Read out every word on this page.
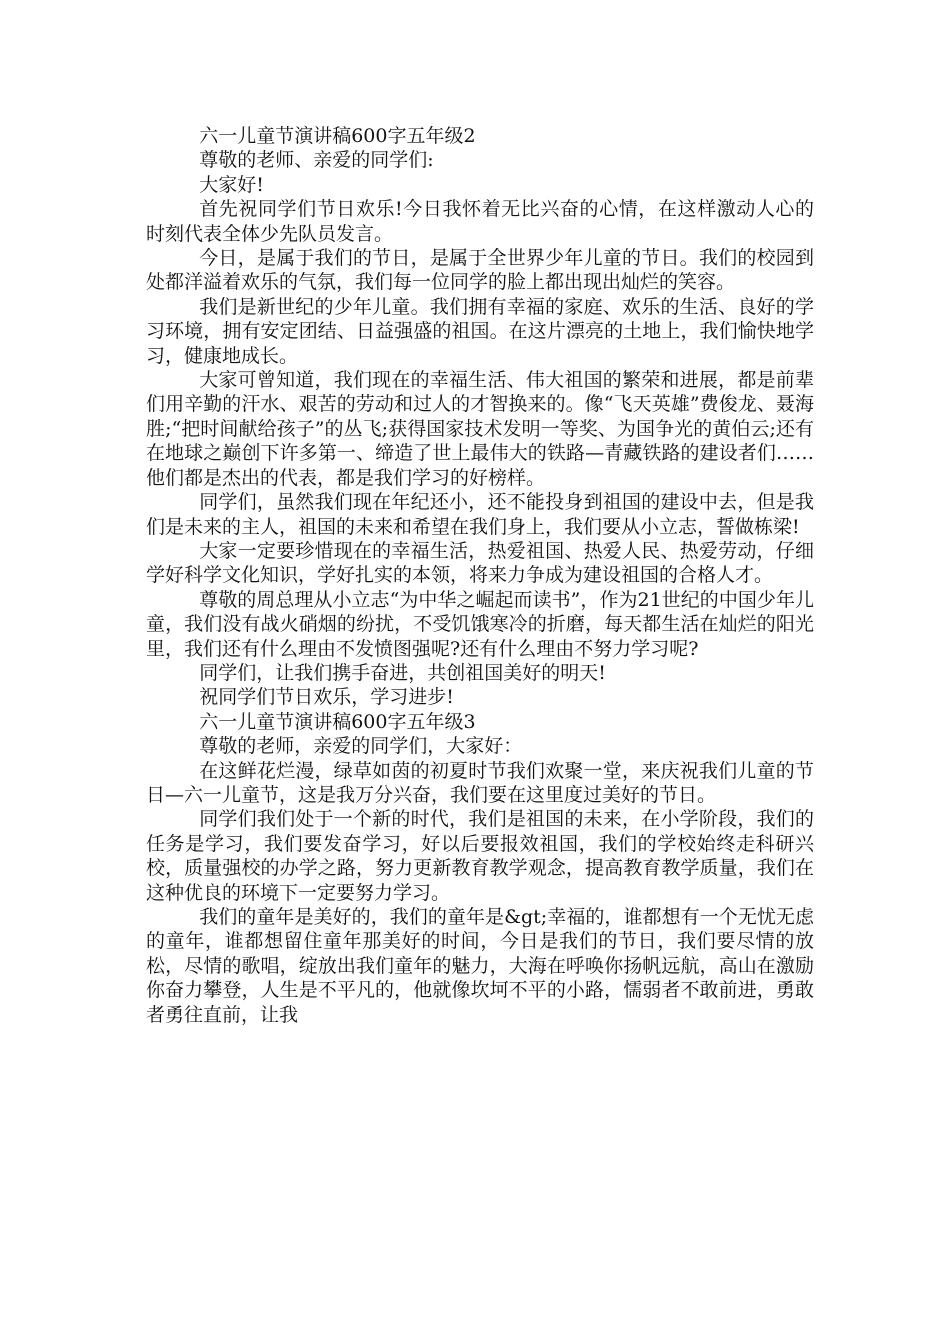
六一儿童节演讲稿600字五年级2

尊敬的老师、亲爱的同学们:

大家好!

首先祝同学们节日欢乐!今日我怀着无比兴奋的心情，在这样激动人心的时刻代表全体少先队员发言。

今日，是属于我们的节日，是属于全世界少年儿童的节日。我们的校园到处都洋溢着欢乐的气氛，我们每一位同学的脸上都出现出灿烂的笑容。

我们是新世纪的少年儿童。我们拥有幸福的家庭、欢乐的生活、良好的学习环境，拥有安定团结、日益强盛的祖国。在这片漂亮的土地上，我们愉快地学习，健康地成长。

大家可曾知道，我们现在的幸福生活、伟大祖国的繁荣和进展，都是前辈们用辛勤的汗水、艰苦的劳动和过人的才智换来的。像“飞天英雄”费俊龙、聂海胜;“把时间献给孩子”的丛飞;获得国家技术发明一等奖、为国争光的黄伯云;还有在地球之巅创下许多第一、缔造了世上最伟大的铁路—青藏铁路的建设者们……他们都是杰出的代表，都是我们学习的好榜样。

同学们，虽然我们现在年纪还小，还不能投身到祖国的建设中去，但是我们是未来的主人，祖国的未来和希望在我们身上，我们要从小立志，誓做栋梁!

大家一定要珍惜现在的幸福生活，热爱祖国、热爱人民、热爱劳动，仔细学好科学文化知识，学好扎实的本领，将来力争成为建设祖国的合格人才。

尊敬的周总理从小立志“为中华之崛起而读书”，作为21世纪的中国少年儿童，我们没有战火硝烟的纷扰，不受饥饿寒冷的折磨，每天都生活在灿烂的阳光里，我们还有什么理由不发愤图强呢?还有什么理由不努力学习呢?

同学们，让我们携手奋进，共创祖国美好的明天!

祝同学们节日欢乐，学习进步!

六一儿童节演讲稿600字五年级3

尊敬的老师，亲爱的同学们，大家好：

在这鲜花烂漫，绿草如茵的初夏时节我们欢聚一堂，来庆祝我们儿童的节日—六一儿童节，这是我万分兴奋，我们要在这里度过美好的节日。

同学们我们处于一个新的时代，我们是祖国的未来，在小学阶段，我们的任务是学习，我们要发奋学习，好以后要报效祖国，我们的学校始终走科研兴校，质量强校的办学之路，努力更新教育教学观念，提高教育教学质量，我们在这种优良的环境下一定要努力学习。

我们的童年是美好的，我们的童年是&gt;幸福的，谁都想有一个无忧无虑的童年，谁都想留住童年那美好的时间，今日是我们的节日，我们要尽情的放松，尽情的歌唱，绽放出我们童年的魅力，大海在呼唤你扬帆远航，高山在激励你奋力攀登，人生是不平凡的，他就像坎坷不平的小路，懦弱者不敢前进，勇敢者勇往直前，让我
